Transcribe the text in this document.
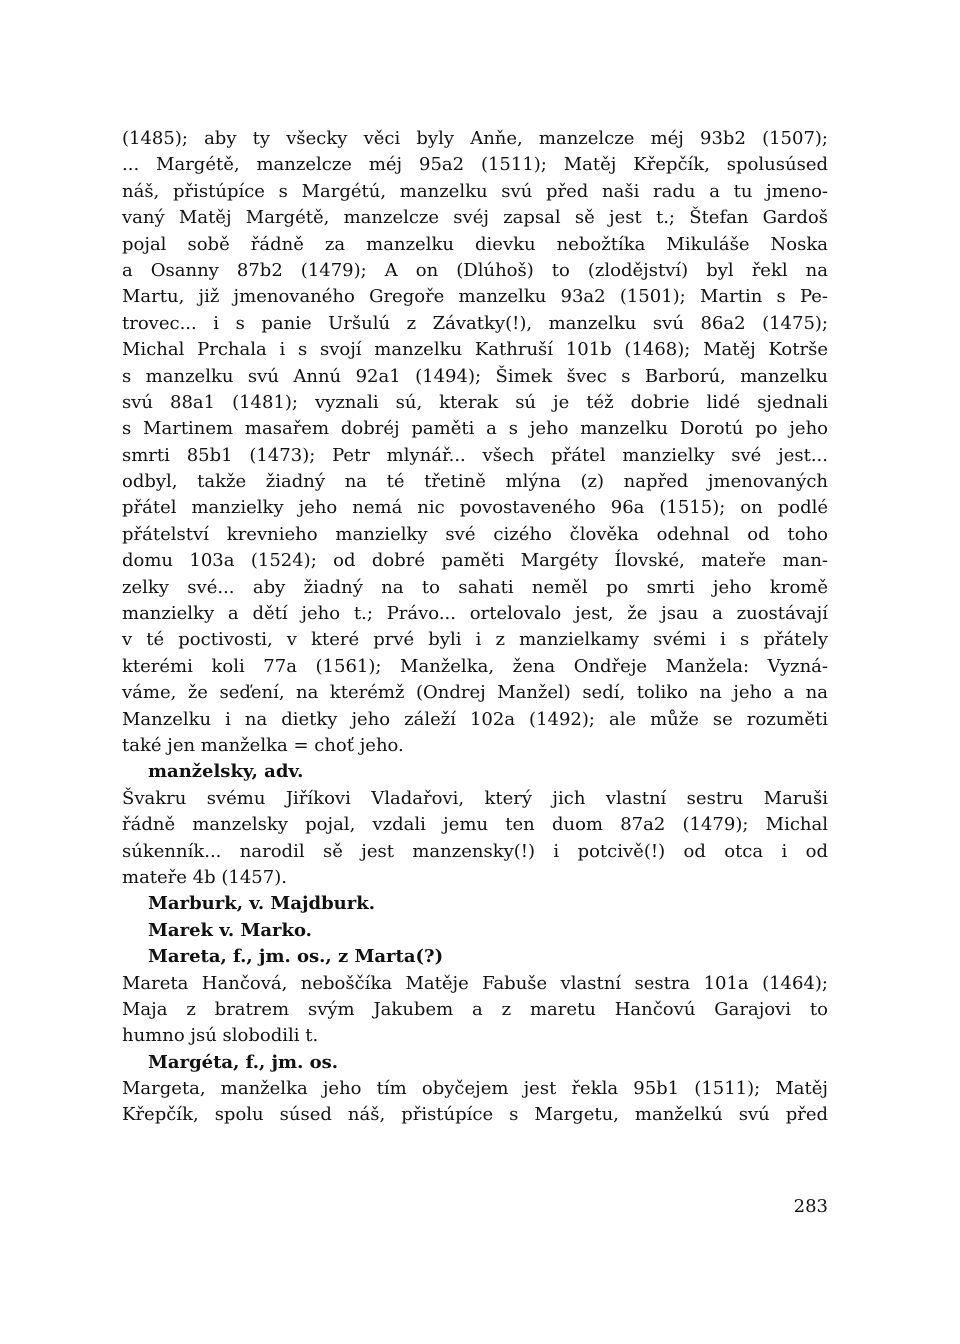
(1485); aby ty všecky věci byly Anňe, manzelcze méj 93b2 (1507);
... Margétě, manzelcze méj 95a2 (1511); Matěj Křepčík, spolusúsed
náš, přistúpíce s Margétú, manzelku svú před naši radu a tu jmeno-
vaný Matěj Margétě, manzelcze svéj zapsal sě jest t.; Štefan Gardoš
pojal sobě řádně za manzelku dievku nebožtíka Mikuláše Noska
a Osanny 87b2 (1479); A on (Dlúhoš) to (zlodějství) byl řekl na
Martu, již jmenovaného Gregoře manzelku 93a2 (1501); Martin s Pe-
trovec... i s panie Uršulú z Závatky(!), manzelku svú 86a2 (1475);
Michal Prchala i s svojí manzelku Kathruší 101b (1468); Matěj Kotrše
s manzelku svú Annú 92a1 (1494); Šimek švec s Barború, manzelku
svú 88a1 (1481); vyznali sú, kterak sú je též dobrie lidé sjednali
s Martinem masařem dobréj paměti a s jeho manzelku Dorotú po jeho
smrti 85b1 (1473); Petr mlynář... všech přátel manzielky své jest...
odbyl, takže žiadný na té třetině mlýna (z) napřed jmenovaných
přátel manzielky jeho nemá nic povostaveného 96a (1515); on podlé
přátelství krevnieho manzielky své cizého člověka odehnal od toho
domu 103a (1524); od dobré paměti Margéty Ílovské, mateře man-
zelky své... aby žiadný na to sahati neměl po smrti jeho kromě
manzielky a dětí jeho t.; Právo... ortelovalo jest, že jsau a zuostávají
v té poctivosti, v které prvé byli i z manzielkamy svémi i s přátely
kterémi koli 77a (1561); Manželka, žena Ondřeje Manžela: Vyzná-
váme, že seďení, na kterémž (Ondrej Manžel) sedí, toliko na jeho a na
Manzelku i na dietky jeho záleží 102a (1492); ale může se rozuměti
také jen manželka = choť jeho.
manželsky, adv.
Švakru svému Jiříkovi Vladařovi, který jich vlastní sestru Maruši
řádně manzelsky pojal, vzdali jemu ten duom 87a2 (1479); Michal
súkenník... narodil sě jest manzensky(!) i potcivě(!) od otca i od
mateře 4b (1457).
Marburk, v. Majdburk.
Marek v. Marko.
Mareta, f., jm. os., z Marta(?)
Mareta Hančová, neboščíka Matěje Fabuše vlastní sestra 101a (1464);
Maja z bratrem svým Jakubem a z maretu Hančovú Garajovi to
humno jsú slobodili t.
Margéta, f., jm. os.
Margeta, manželka jeho tím obyčejem jest řekla 95b1 (1511); Matěj
Křepčík, spolu súsed náš, přistúpíce s Margetu, manželkú svú před
283
